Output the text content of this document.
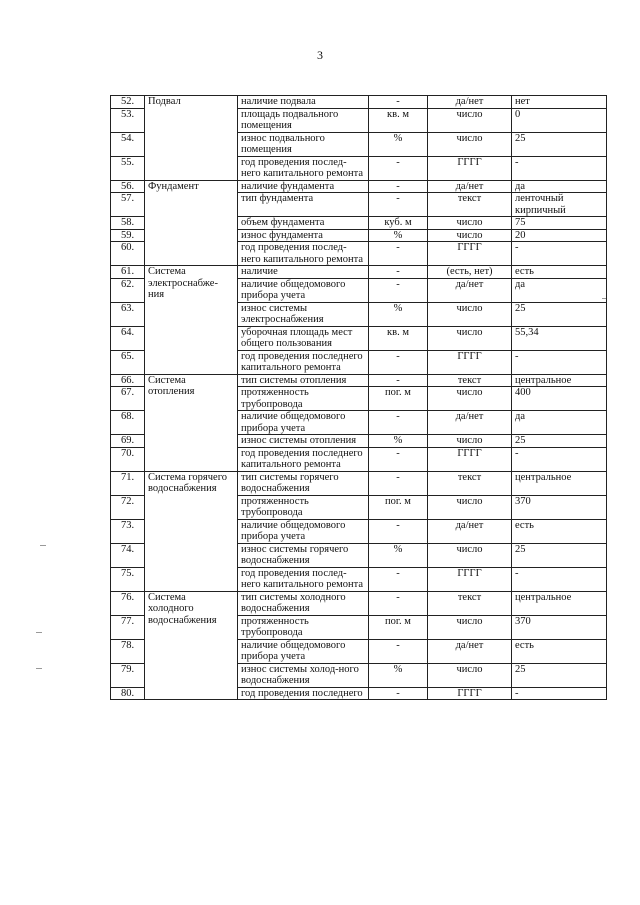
3
52.	Подвал	наличие подвала	-	да/нет	нет
53.		площадь подвального помещения	кв. м	число	0
54.		износ подвального помещения	%	число	25
55.		год проведения послед-него капитального ремонта	-	ГГГГ	-
56.	Фундамент	наличие фундамента	-	да/нет	да
57.		тип фундамента	-	текст	ленточный кирпичный
58.		объем фундамента	куб. м	число	75
59.		износ фундамента	%	число	20
60.		год проведения послед-него капитального ремонта	-	ГГГГ	-
61.	Система электроснабже-ния	наличие	-	(есть, нет)	есть
62.		наличие общедомового прибора учета	-	да/нет	да
63.		износ системы электроснабжения	%	число	25
64.		уборочная площадь мест общего пользования	кв. м	число	55,34
65.		год проведения последнего капитального ремонта	-	ГГГГ	-
66.	Система отопления	тип системы отопления	-	текст	центральное
67.		протяженность трубопровода	пог. м	число	400
68.		наличие общедомового прибора учета	-	да/нет	да
69.		износ системы отопления	%	число	25
70.		год проведения последнего капитального ремонта	-	ГГГГ	-
71.	Система горячего водоснабжения	тип системы горячего водоснабжения	-	текст	центральное
72.		протяженность трубопровода	пог. м	число	370
73.		наличие общедомового прибора учета	-	да/нет	есть
74.		износ системы горячего водоснабжения	%	число	25
75.		год проведения послед-него капитального ремонта	-	ГГГГ	-
76.	Система холодного водоснабжения	тип системы холодного водоснабжения	-	текст	центральное
77.		протяженность трубопровода	пог. м	число	370
78.		наличие общедомового прибора учета	-	да/нет	есть
79.		износ системы холод-ного водоснабжения	%	число	25
80.		год проведения последнего	-	ГГГГ	-
